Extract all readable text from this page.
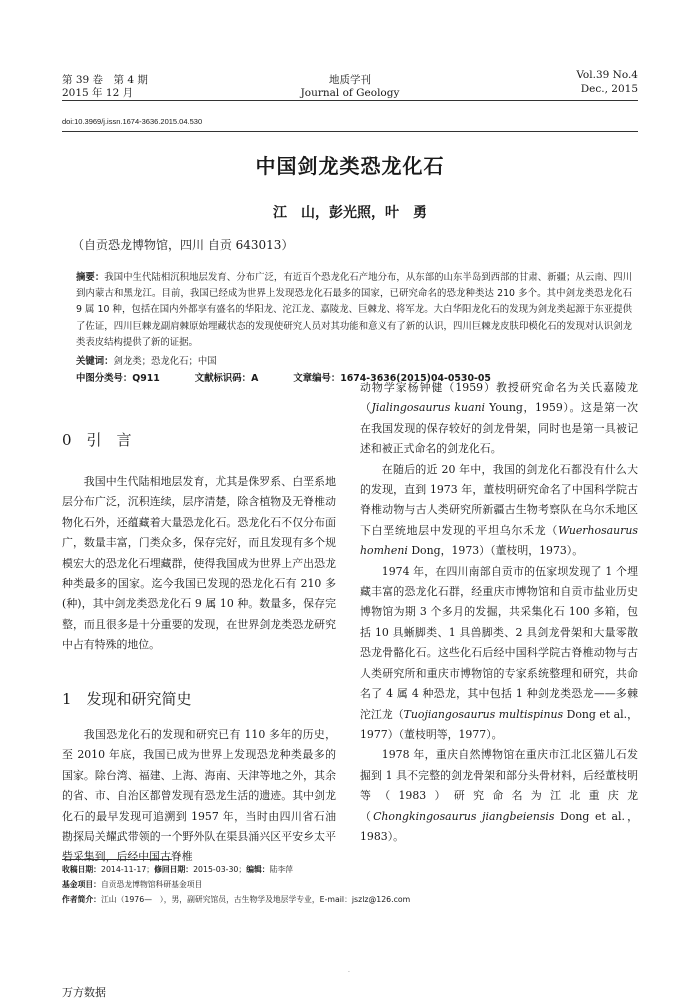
第 39 卷　第 4 期
2015 年 12 月
地质学刊
Journal of Geology
Vol.39 No.4
Dec., 2015
doi:10.3969/j.issn.1674-3636.2015.04.530
中国剑龙类恐龙化石
江　山，彭光照，叶　勇
（自贡恐龙博物馆，四川 自贡 643013）
摘要：我国中生代陆相沉积地层发育、分布广泛，有近百个恐龙化石产地分布，从东部的山东半岛到西部的甘肃、新疆；从云南、四川到内蒙古和黑龙江。目前，我国已经成为世界上发现恐龙化石最多的国家，已研究命名的恐龙种类达 210 多个。其中剑龙类恐龙化石 9 属 10 种，包括在国内外都享有盛名的华阳龙、沱江龙、嘉陵龙、巨棘龙、将军龙。大白华阳龙化石的发现为剑龙类起源于东亚提供了佐证，四川巨棘龙副肩棘原始埋藏状态的发现使研究人员对其功能和意义有了新的认识，四川巨棘龙皮肤印模化石的发现对认识剑龙类表皮结构提供了新的证据。
关键词：剑龙类；恐龙化石；中国
中图分类号：Q911	文献标识码：A	文章编号：1674-3636(2015)04-0530-05
0　引　言

我国中生代陆相地层发育，尤其是侏罗系、白垩系地层分布广泛，沉积连续，层序清楚，除含植物及无脊椎动物化石外，还蕴藏着大量恐龙化石。恐龙化石不仅分布面广，数量丰富，门类众多，保存完好，而且发现有多个规模宏大的恐龙化石埋藏群，使得我国成为世界上产出恐龙种类最多的国家。迄今我国已发现的恐龙化石有 210 多(种)，其中剑龙类恐龙化石 9 属 10 种。数量多，保存完整，而且很多是十分重要的发现，在世界剑龙类恐龙研究中占有特殊的地位。

1　发现和研究简史

我国恐龙化石的发现和研究已有 110 多年的历史，至 2010 年底，我国已成为世界上发现恐龙种类最多的国家。除台湾、福建、上海、海南、天津等地之外，其余的省、市、自治区都曾发现有恐龙生活的遗迹。其中剑龙化石的最早发现可追溯到 1957 年，当时由四川省石油勘探局关耀武带领的一个野外队在渠县涌兴区平安乡太平砦采集到，后经中国古脊椎

动物学家杨钟健（1959）教授研究命名为关氏嘉陵龙（Jialingosaurus kuani Young，1959）。这是第一次在我国发现的保存较好的剑龙骨架，同时也是第一具被记述和被正式命名的剑龙化石。

在随后的近 20 年中，我国的剑龙化石都没有什么大的发现，直到 1973 年，董枝明研究命名了中国科学院古脊椎动物与古人类研究所新疆古生物考察队在乌尔禾地区下白垩统地层中发现的平坦乌尔禾龙（Wuerhosaurus homheni Dong，1973）（董枝明，1973）。

1974 年，在四川南部自贡市的伍家坝发现了 1 个埋藏丰富的恐龙化石群，经重庆市博物馆和自贡市盐业历史博物馆为期 3 个多月的发掘，共采集化石 100 多箱，包括 10 具蜥脚类、1 具兽脚类、2 具剑龙骨架和大量零散恐龙骨骼化石。这些化石后经中国科学院古脊椎动物与古人类研究所和重庆市博物馆的专家系统整理和研究，共命名了 4 属 4 种恐龙，其中包括 1 种剑龙类恐龙——多棘沱江龙（Tuojiangosaurus multispinus Dong et al.，1977）（董枝明等，1977）。

1978 年，重庆自然博物馆在重庆市江北区猫儿石发掘到 1 具不完整的剑龙骨架和部分头骨材料，后经董枝明等（1983）研究命名为江北重庆龙（Chongkingosaurus jiangbeiensis Dong et al.，1983）。

收稿日期：2014-11-17；修回日期：2015-03-30；编辑：陆李萍
基金项目：自贡恐龙博物馆科研基金项目
作者简介：江山（1976—　），男，副研究馆员，古生物学及地层学专业，E-mail：jszlz@126.com
.
万方数据
